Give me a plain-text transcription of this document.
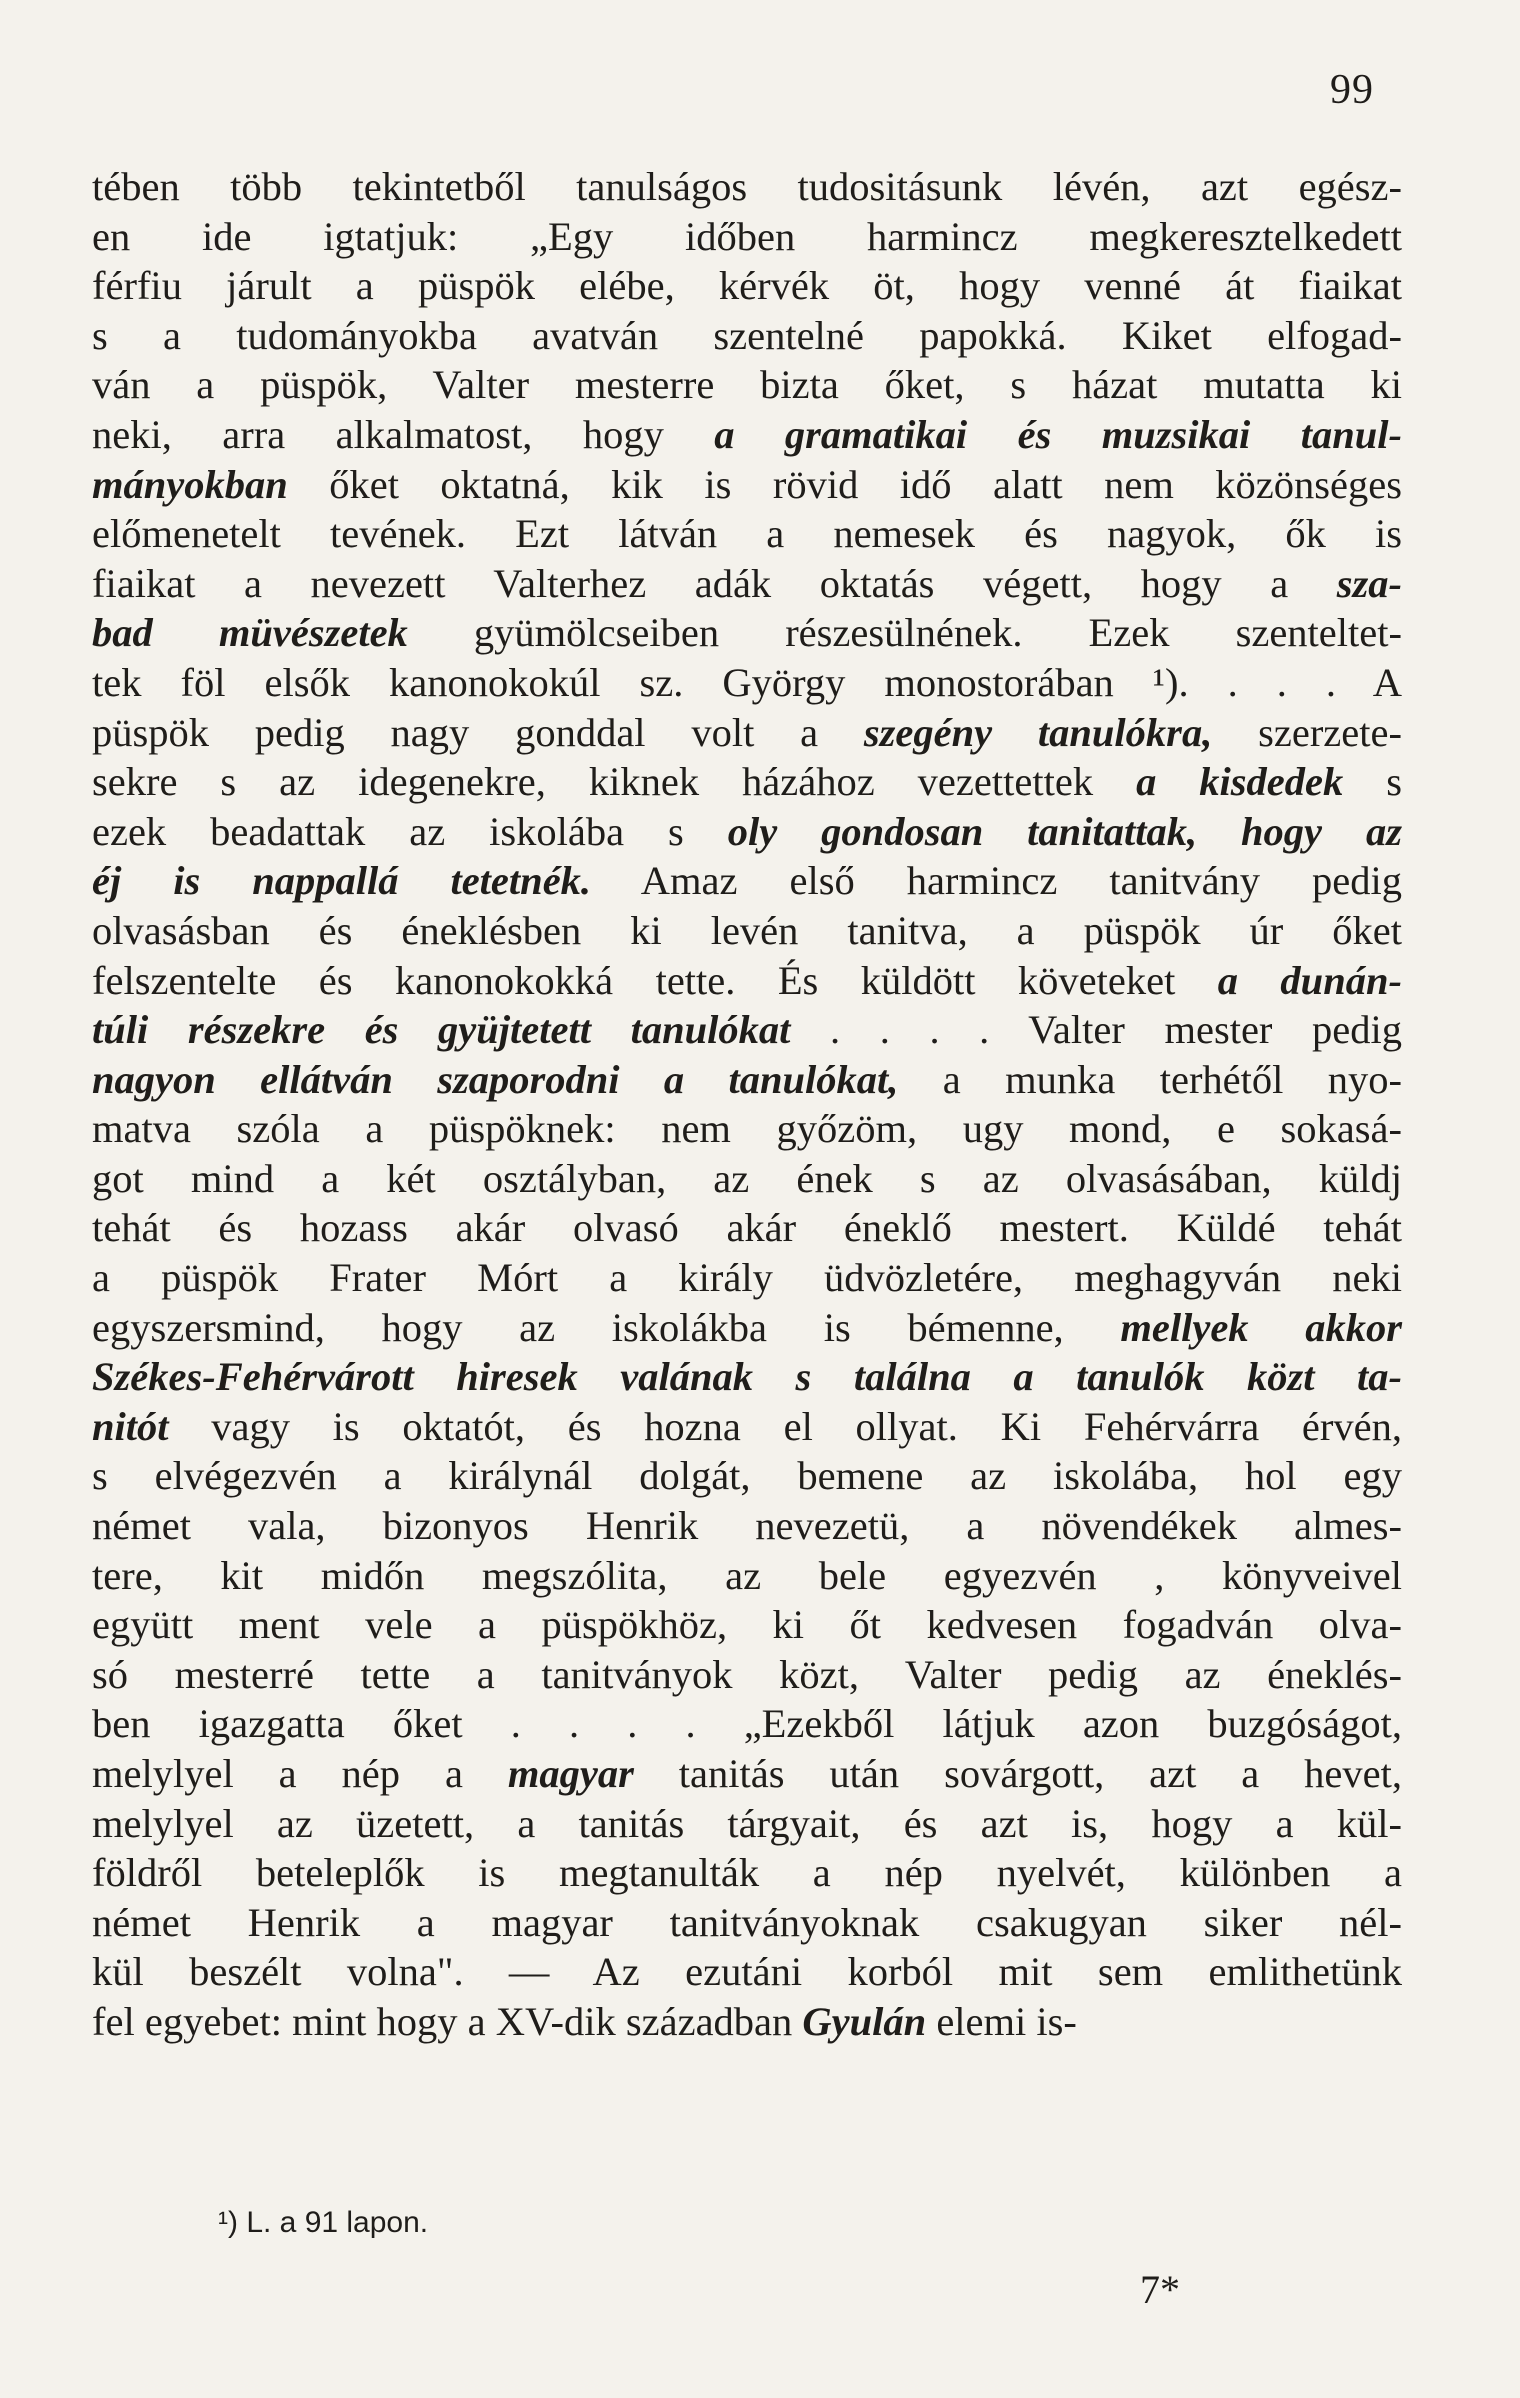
99
tében több tekintetből tanulságos tudositásunk lévén, azt egész-
en ide igtatjuk: „Egy időben harmincz megkeresztelkedett
férfiu járult a püspök elébe, kérvék öt, hogy venné át fiaikat
s a tudományokba avatván szentelné papokká. Kiket elfogad-
ván a püspök, Valter mesterre bizta őket, s házat mutatta ki
neki, arra alkalmatost, hogy a gramatikai és muzsikai tanul-
mányokban őket oktatná, kik is rövid idő alatt nem közönséges
előmenetelt tevének. Ezt látván a nemesek és nagyok, ők is
fiaikat a nevezett Valterhez adák oktatás végett, hogy a sza-
bad müvészetek gyümölcseiben részesülnének. Ezek szenteltet-
tek föl elsők kanonokokúl sz. György monostorában ¹). . . . A
püspök pedig nagy gonddal volt a szegény tanulókra, szerzete-
sekre s az idegenekre, kiknek házához vezettettek a kisdedek s
ezek beadattak az iskolába s oly gondosan tanitattak, hogy az
éj is nappallá tetetnék. Amaz első harmincz tanitvány pedig
olvasásban és éneklésben ki levén tanitva, a püspök úr őket
felszentelte és kanonokokká tette. És küldött követeket a dunán-
túli részekre és gyüjtetett tanulókat . . . . Valter mester pedig
nagyon ellátván szaporodni a tanulókat, a munka terhétől nyo-
matva szóla a püspöknek: nem győzöm, ugy mond, e sokasá-
got mind a két osztályban, az ének s az olvasásában, küldj
tehát és hozass akár olvasó akár éneklő mestert. Küldé tehát
a püspök Frater Mórt a király üdvözletére, meghagyván neki
egyszersmind, hogy az iskolákba is bémenne, mellyek akkor
Székes-Fehérvárott hiresek valának s találna a tanulók közt ta-
nitót vagy is oktatót, és hozna el ollyat. Ki Fehérvárra érvén,
s elvégezvén a királynál dolgát, bemene az iskolába, hol egy
német vala, bizonyos Henrik nevezetü, a növendékek almes-
tere, kit midőn megszólita, az bele egyezvén , könyveivel
együtt ment vele a püspökhöz, ki őt kedvesen fogadván olva-
só mesterré tette a tanitványok közt, Valter pedig az éneklés-
ben igazgatta őket . . . . „Ezekből látjuk azon buzgóságot,
melylyel a nép a magyar tanitás után sovárgott, azt a hevet,
melylyel az üzetett, a tanitás tárgyait, és azt is, hogy a kül-
földről beteleplők is megtanulták a nép nyelvét, különben a
német Henrik a magyar tanitványoknak csakugyan siker nél-
kül beszélt volna". — Az ezutáni korból mit sem emlithetünk
fel egyebet: mint hogy a XV-dik században Gyulán elemi is-
¹) L. a 91 lapon.
7*
